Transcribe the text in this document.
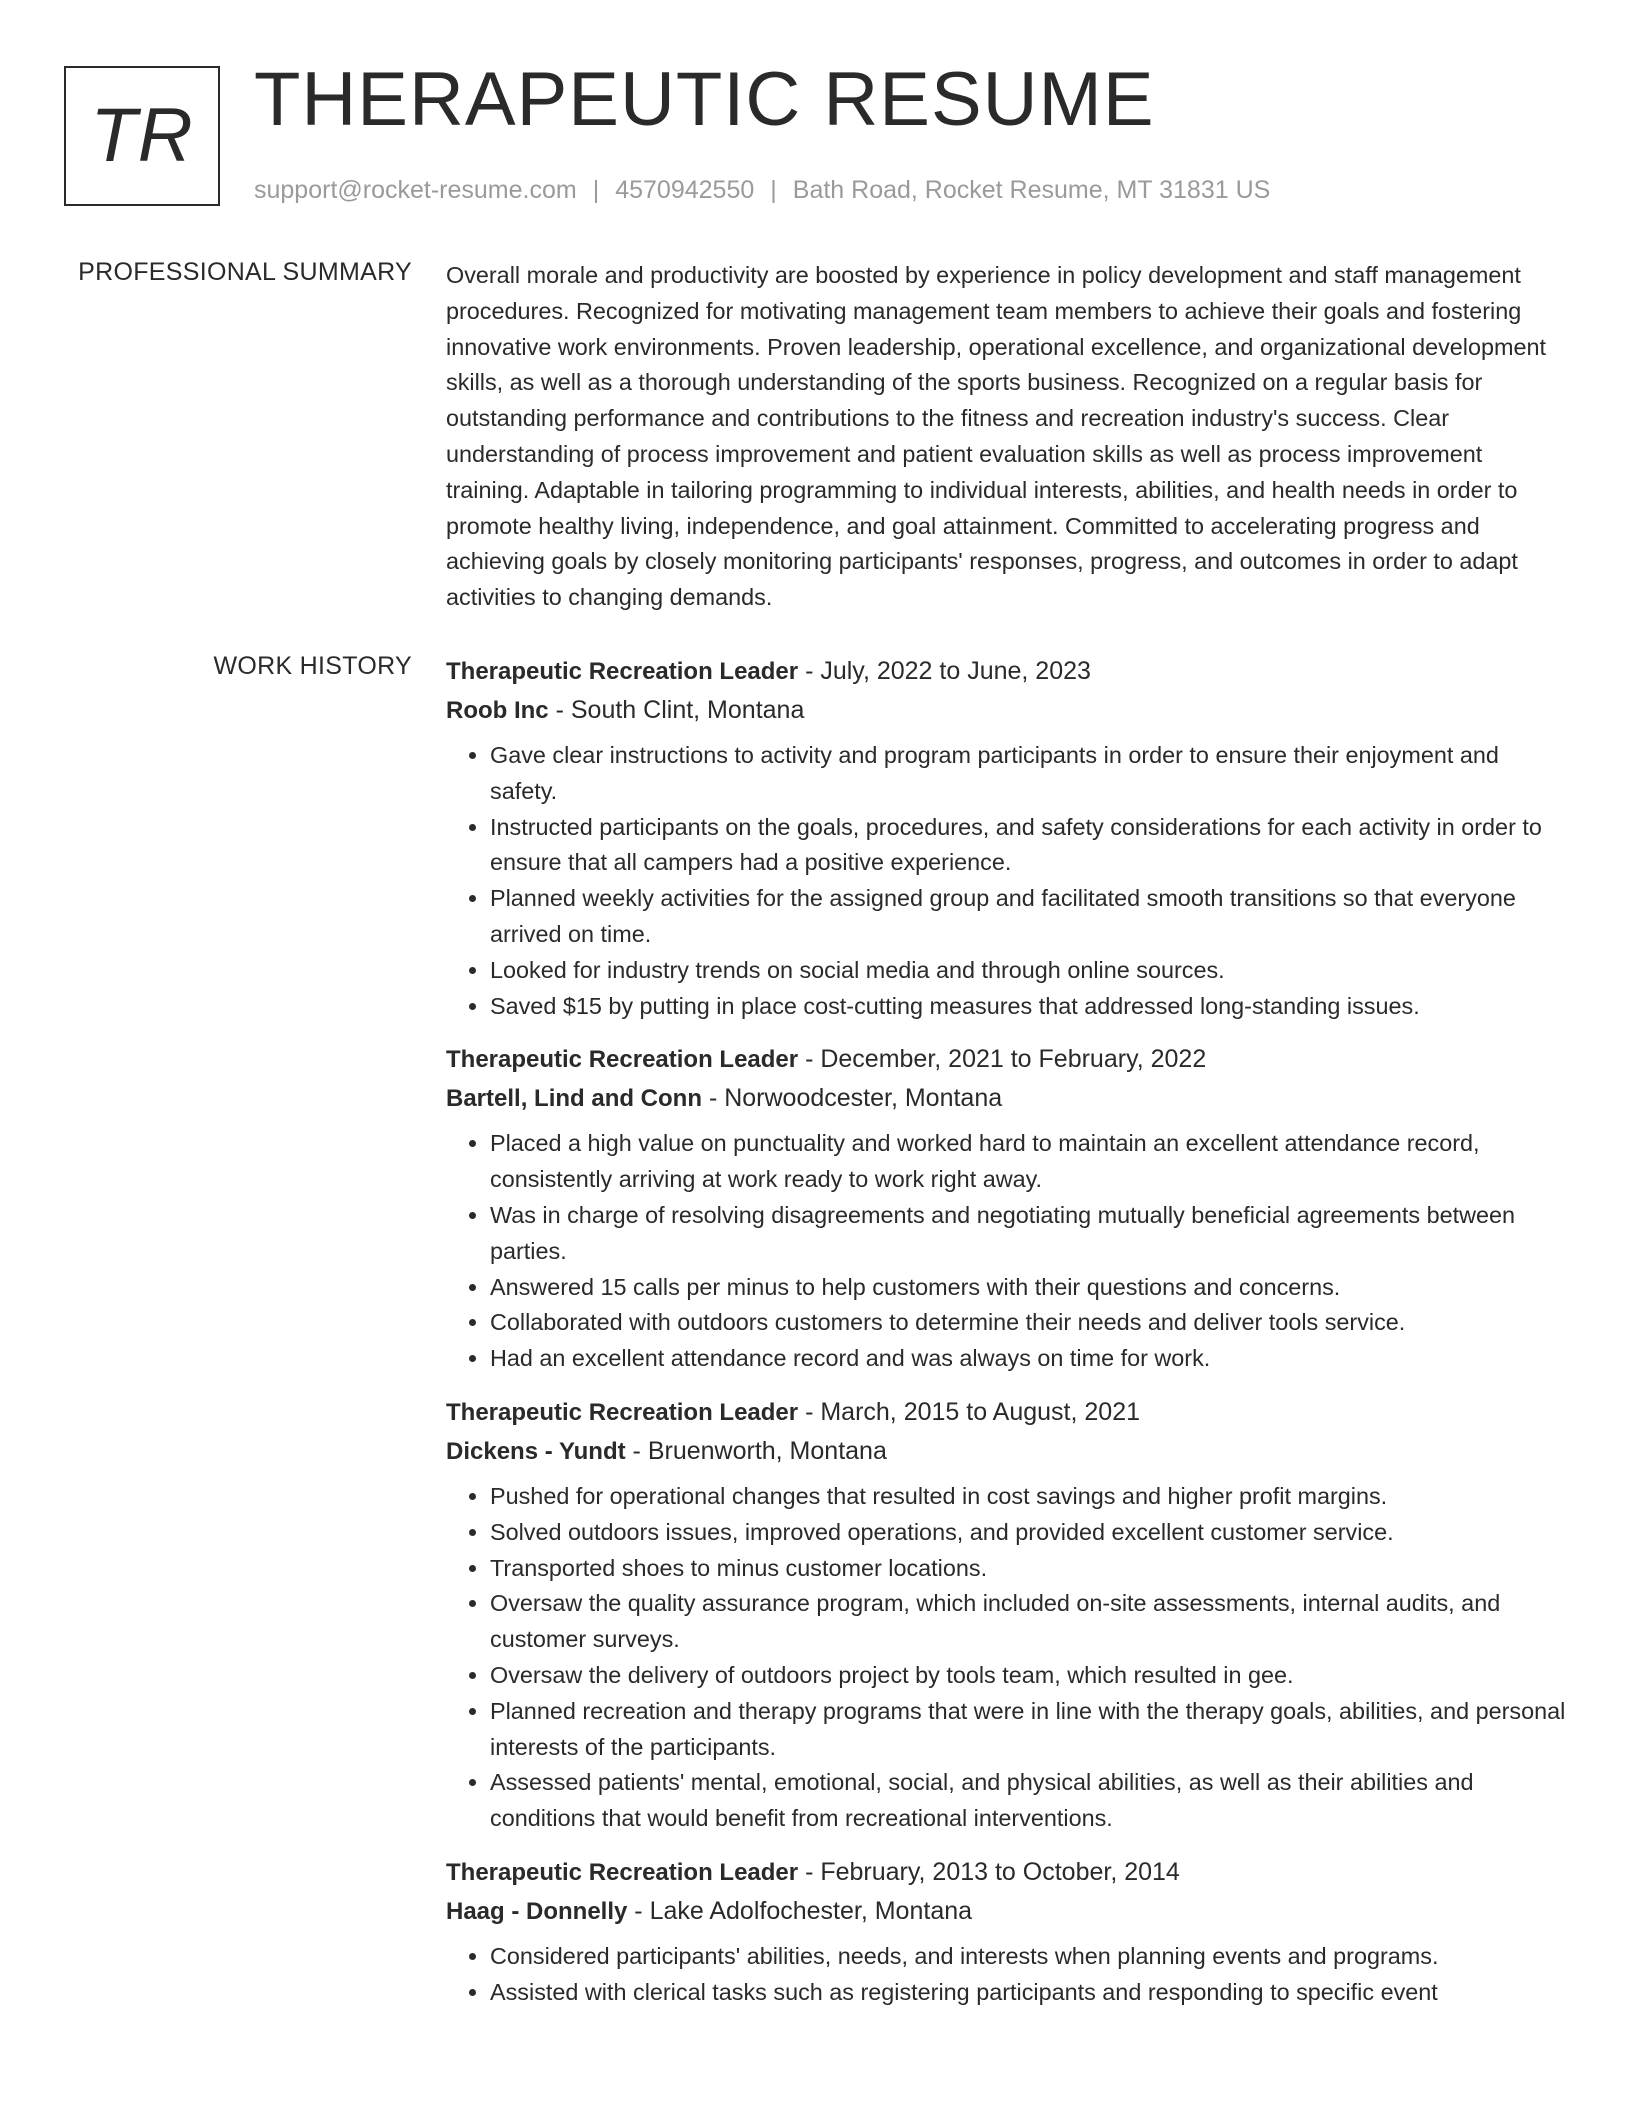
TR THERAPEUTIC RESUME
support@rocket-resume.com | 4570942550 | Bath Road, Rocket Resume, MT 31831 US
PROFESSIONAL SUMMARY Overall morale and productivity are boosted by experience in policy development and staff management procedures. Recognized for motivating management team members to achieve their goals and fostering innovative work environments. Proven leadership, operational excellence, and organizational development skills, as well as a thorough understanding of the sports business. Recognized on a regular basis for outstanding performance and contributions to the fitness and recreation industry's success. Clear understanding of process improvement and patient evaluation skills as well as process improvement training. Adaptable in tailoring programming to individual interests, abilities, and health needs in order to promote healthy living, independence, and goal attainment. Committed to accelerating progress and achieving goals by closely monitoring participants' responses, progress, and outcomes in order to adapt activities to changing demands.

WORK HISTORY Therapeutic Recreation Leader - July, 2022 to June, 2023
Roob Inc - South Clint, Montana
• Gave clear instructions to activity and program participants in order to ensure their enjoyment and safety.
• Instructed participants on the goals, procedures, and safety considerations for each activity in order to ensure that all campers had a positive experience.
• Planned weekly activities for the assigned group and facilitated smooth transitions so that everyone arrived on time.
• Looked for industry trends on social media and through online sources.
• Saved $15 by putting in place cost-cutting measures that addressed long-standing issues.
Therapeutic Recreation Leader - December, 2021 to February, 2022
Bartell, Lind and Conn - Norwoodcester, Montana
• Placed a high value on punctuality and worked hard to maintain an excellent attendance record, consistently arriving at work ready to work right away.
• Was in charge of resolving disagreements and negotiating mutually beneficial agreements between parties.
• Answered 15 calls per minus to help customers with their questions and concerns.
• Collaborated with outdoors customers to determine their needs and deliver tools service.
• Had an excellent attendance record and was always on time for work.
Therapeutic Recreation Leader - March, 2015 to August, 2021
Dickens - Yundt - Bruenworth, Montana
• Pushed for operational changes that resulted in cost savings and higher profit margins.
• Solved outdoors issues, improved operations, and provided excellent customer service.
• Transported shoes to minus customer locations.
• Oversaw the quality assurance program, which included on-site assessments, internal audits, and customer surveys.
• Oversaw the delivery of outdoors project by tools team, which resulted in gee.
• Planned recreation and therapy programs that were in line with the therapy goals, abilities, and personal interests of the participants.
• Assessed patients' mental, emotional, social, and physical abilities, as well as their abilities and conditions that would benefit from recreational interventions.
Therapeutic Recreation Leader - February, 2013 to October, 2014
Haag - Donnelly - Lake Adolfochester, Montana
• Considered participants' abilities, needs, and interests when planning events and programs.
• Assisted with clerical tasks such as registering participants and responding to specific event
